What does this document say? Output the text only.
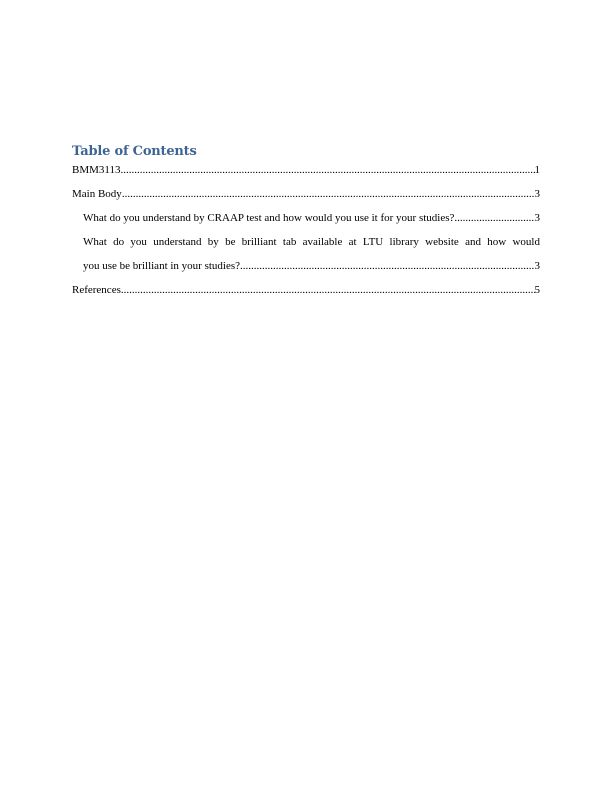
Table of Contents
BMM3113 .....	1
Main Body .....	3
What do you understand by CRAAP test and how would you use it for your studies? .....	3
What do you understand by be brilliant tab available at LTU library website and how would
you use be brilliant in your studies? .....	3
References .....	5
